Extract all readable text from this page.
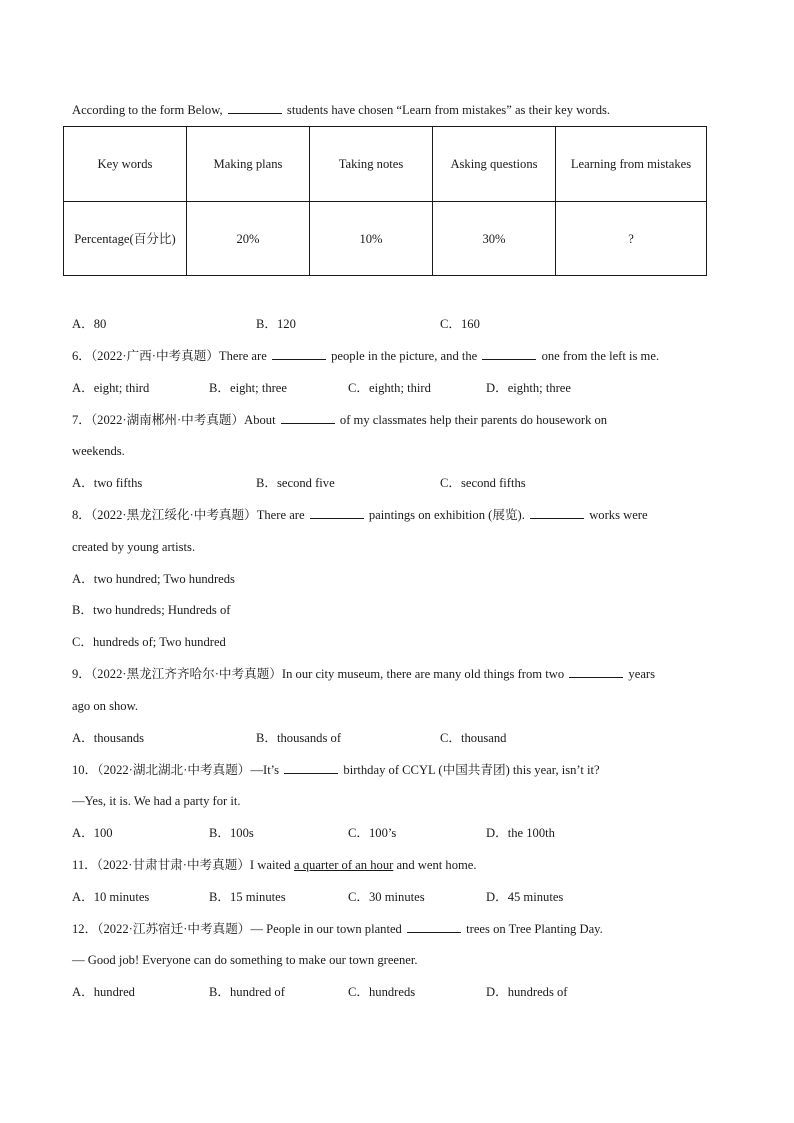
According to the form Below,	students have chosen “Learn from mistakes” as their key words.
Key words	Making plans	Taking notes	Asking questions	Learning from mistakes
Percentage(百分比)	20%	10%	30%	?
A．80	B．120	C．160
6．（2022·广西·中考真题）There are	people in the picture, and the	one from the left is me.
A．eight; third	B．eight; three	C．eighth; third	D．eighth; three
7．（2022·湖南郴州·中考真题）About	of my classmates help their parents do housework on
weekends.
A．two fifths	B．second five	C．second fifths
8．（2022·黑龙江绥化·中考真题）There are	paintings on exhibition (展览).	works were
created by young artists.
A．two hundred; Two hundreds
B．two hundreds; Hundreds of
C．hundreds of; Two hundred
9．（2022·黑龙江齐齐哈尔·中考真题）In our city museum, there are many old things from two	years
ago on show.
A．thousands	B．thousands of	C．thousand
10．（2022·湖北湖北·中考真题）—It’s	birthday of CCYL (中国共青团) this year, isn’t it?
—Yes, it is. We had a party for it.
A．100	B．100s	C．100’s	D．the 100th
11．（2022·甘肃甘肃·中考真题）I waited a quarter of an hour and went home.
A．10 minutes	B．15 minutes	C．30 minutes	D．45 minutes
12．（2022·江苏宿迁·中考真题）— People in our town planted	trees on Tree Planting Day.
— Good job! Everyone can do something to make our town greener.
A．hundred	B．hundred of	C．hundreds	D．hundreds of
